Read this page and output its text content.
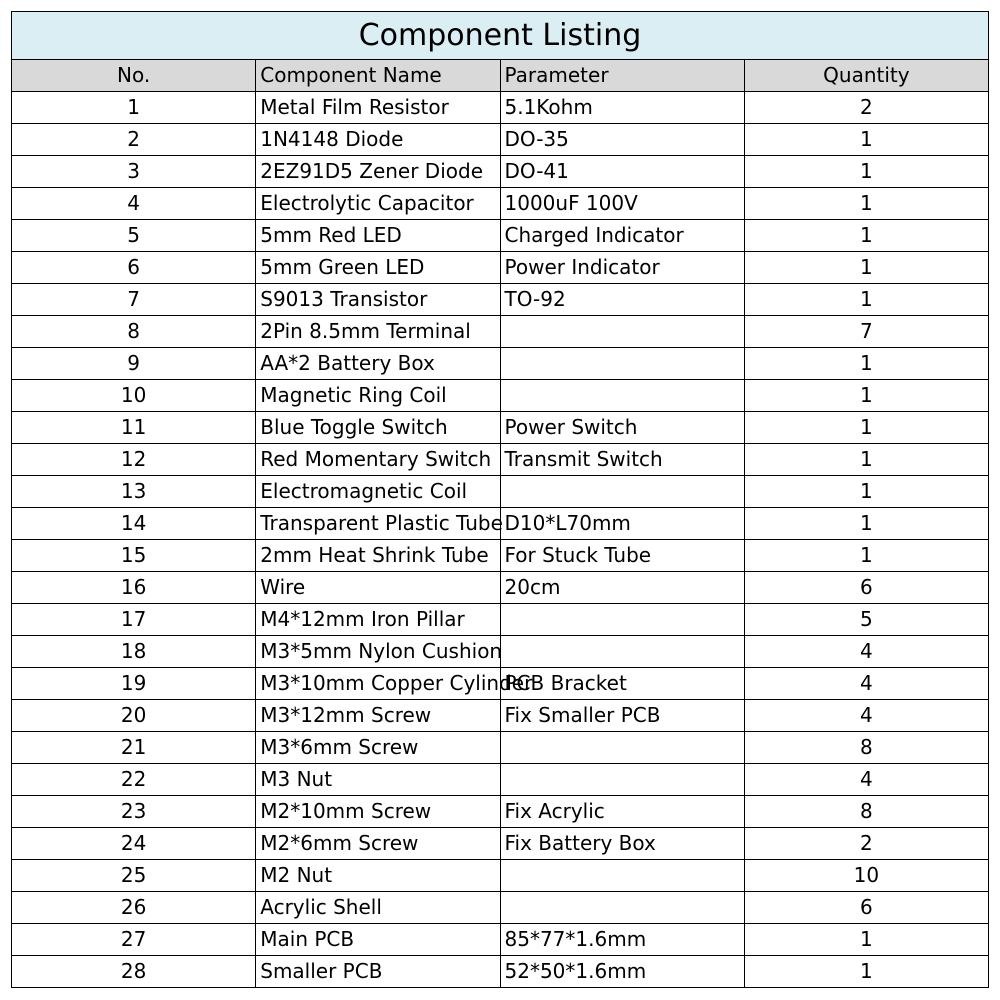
Component Listing			
No.	Component Name	Parameter	Quantity
1	Metal Film Resistor	5.1Kohm	2
2	1N4148 Diode	DO-35	1
3	2EZ91D5 Zener Diode	DO-41	1
4	Electrolytic Capacitor	1000uF 100V	1
5	5mm Red LED	Charged Indicator	1
6	5mm Green LED	Power Indicator	1
7	S9013 Transistor	TO-92	1
8	2Pin 8.5mm Terminal		7
9	AA*2 Battery Box		1
10	Magnetic Ring Coil		1
11	Blue Toggle Switch	Power Switch	1
12	Red Momentary Switch	Transmit Switch	1
13	Electromagnetic Coil		1
14	Transparent Plastic Tube	D10*L70mm	1
15	2mm Heat Shrink Tube	For Stuck Tube	1
16	Wire	20cm	6
17	M4*12mm Iron Pillar		5
18	M3*5mm Nylon Cushion		4
19	M3*10mm Copper Cylinder	PCB Bracket	4
20	M3*12mm Screw	Fix Smaller PCB	4
21	M3*6mm Screw		8
22	M3 Nut		4
23	M2*10mm Screw	Fix Acrylic	8
24	M2*6mm Screw	Fix Battery Box	2
25	M2 Nut		10
26	Acrylic Shell		6
27	Main PCB	85*77*1.6mm	1
28	Smaller PCB	52*50*1.6mm	1
